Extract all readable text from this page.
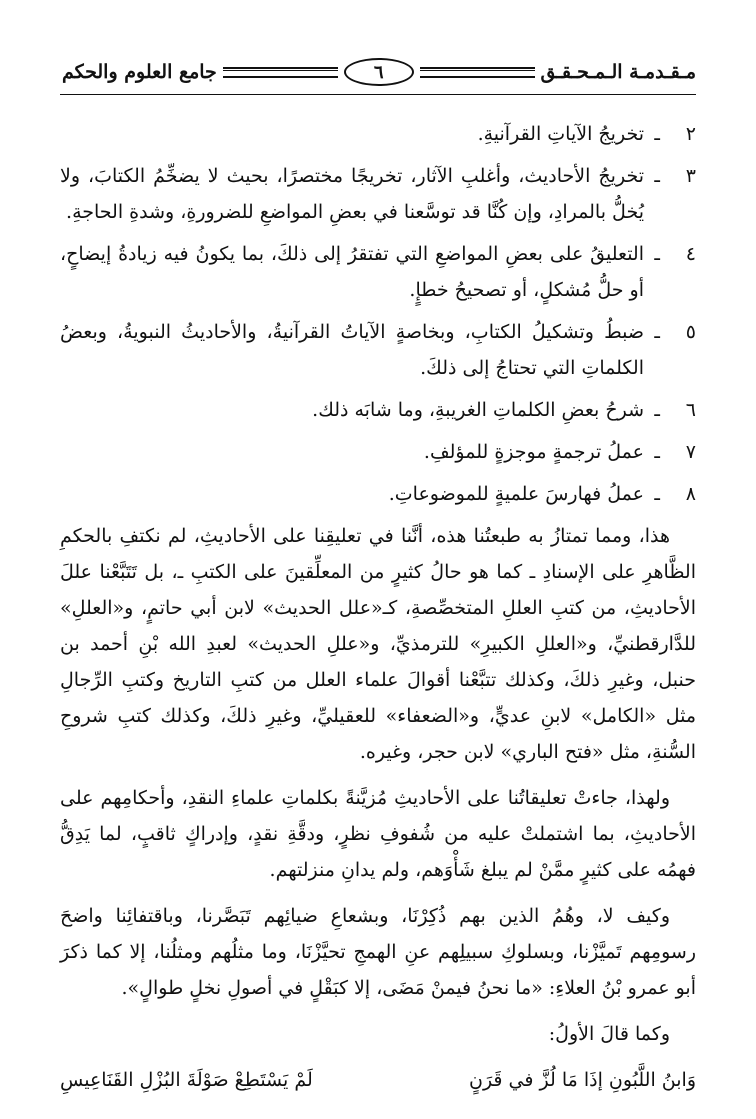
مـقـدمـة الـمـحـقـق
٦
جامع العلوم والحكم
٢
ـ
تخريجُ الآياتِ القرآنيةِ.
٣
ـ
تخريجُ الأحاديث، وأغلبِ الآثار، تخريجًا مختصرًا، بحيث لا يضخِّمُ الكتابَ، ولا يُخلُّ بالمرادِ، وإن كُنَّا قد توسَّعنا في بعضِ المواضعِ للضرورةِ، وشدةِ الحاجةِ.
٤
ـ
التعليقُ على بعضِ المواضعِ التي تفتقرُ إلى ذلكَ، بما يكونُ فيه زيادةُ إيضاحٍ، أو حلُّ مُشكلٍ، أو تصحيحُ خطإٍ.
٥
ـ
ضبطُ وتشكيلُ الكتابِ، وبخاصةٍ الآياتُ القرآنيةُ، والأحاديثُ النبويةُ، وبعضُ الكلماتِ التي تحتاجُ إلى ذلكَ.
٦
ـ
شرحُ بعضِ الكلماتِ الغريبةِ، وما شابَه ذلك.
٧
ـ
عملُ ترجمةٍ موجزةٍ للمؤلفِ.
٨
ـ
عملُ فهارسَ علميةٍ للموضوعاتِ.

هذا، ومما تمتازُ به طبعتُنا هذه، أنَّنا في تعليقِنا على الأحاديثِ، لم نكتفِ بالحكمِ الظَّاهرِ على الإسنادِ ـ كما هو حالُ كثيرٍ من المعلِّقينَ على الكتبِ ـ، بل تَتَبَّعْنا عللَ الأحاديثِ، من كتبِ العللِ المتخصِّصةِ، كـ«علل الحديث» لابن أبي حاتمٍ، و«العللِ» للدَّارقطنيِّ، و«العللِ الكبيرِ» للترمذيِّ، و«عللِ الحديث» لعبدِ الله بْنِ أحمد بن حنبل، وغيرِ ذلكَ، وكذلك تتبَّعْنا أقوالَ علماء العلل من كتبِ التاريخ وكتبِ الرِّجالِ مثل «الكامل» لابنِ عديٍّ، و«الضعفاء» للعقيليِّ، وغيرِ ذلكَ، وكذلك كتبِ شروحِ السُّنةِ، مثل «فتح الباري» لابن حجر، وغيره.

ولهذا، جاءتْ تعليقاتُنا على الأحاديثِ مُزيَّنةً بكلماتِ علماءِ النقدِ، وأحكامِهم على الأحاديثِ، بما اشتملتْ عليه من شُفوفِ نظرٍ، ودقَّةِ نقدٍ، وإدراكٍ ثاقبٍ، لما يَدِقُّ فهمُه على كثيرٍ ممَّنْ لم يبلغ شَأْوَهم، ولم يدانِ منزلتهم.

وكيف لا، وهُمُ الذين بهم ذُكِرْنَا، وبشعاعِ ضيائِهم تَبَصَّرنا، وباقتفائِنا واضحَ رسومِهم تَميَّزْنا، وبسلوكِ سبيلِهم عنِ الهمجِ تحيَّزْنَا، وما مثلُهم ومثلُنا، إلا كما ذكرَ أبو عمرو بْنُ العلاءِ: «ما نحنُ فيمنْ مَضَى، إلا كبَقْلٍ في أصولِ نخلٍ طوالٍ».

وكما قالَ الأولُ:

وَابنُ اللَّبُونِ إذَا مَا لُزَّ في قَرَنٍ
لَمْ يَسْتَطِعْ صَوْلَةَ البُزْلِ القَنَاعِيسِ
